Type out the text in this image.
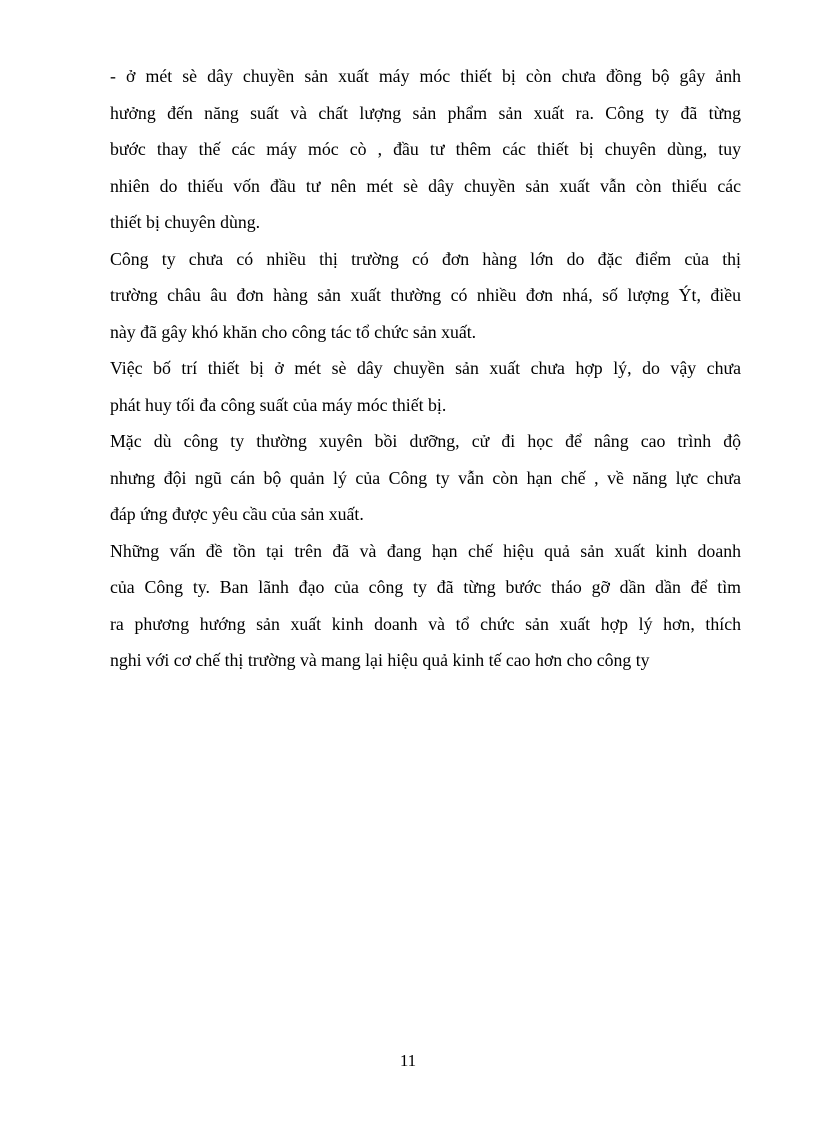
- ở mét sè dây chuyền sản xuất máy móc thiết bị còn chưa đồng bộ gây ảnh
hưởng đến năng suất và chất lượng sản phẩm sản xuất ra. Công ty đã từng
bước thay thế các máy móc cò , đầu tư thêm các thiết bị chuyên dùng, tuy
nhiên do thiếu vốn đầu tư nên mét sè dây chuyền sản xuất vẫn còn thiếu các
thiết bị chuyên dùng.
Công ty chưa có nhiều thị trường có đơn hàng lớn do đặc điểm của thị
trường châu âu đơn hàng sản xuất thường có nhiều đơn nhá, số lượng Ýt, điều
này đã gây khó khăn cho công tác tổ chức sản xuất.
Việc bố trí thiết bị ở mét sè dây chuyền sản xuất chưa hợp lý, do vậy chưa
phát huy tối đa công suất của máy móc thiết bị.
Mặc dù công ty thường xuyên bồi dưỡng, cử đi học để nâng cao trình độ
nhưng đội ngũ cán bộ quản lý của Công ty vẫn còn hạn chế , về năng lực chưa
đáp ứng được yêu cầu của sản xuất.
Những vấn đề tồn tại trên đã và đang hạn chế hiệu quả sản xuất kinh doanh
của Công ty. Ban lãnh đạo của công ty đã từng bước tháo gỡ dần dần để tìm
ra phương hướng sản xuất kinh doanh và tổ chức sản xuất hợp lý hơn, thích
nghi với cơ chế thị trường và mang lại hiệu quả kinh tế cao hơn cho công ty
11
